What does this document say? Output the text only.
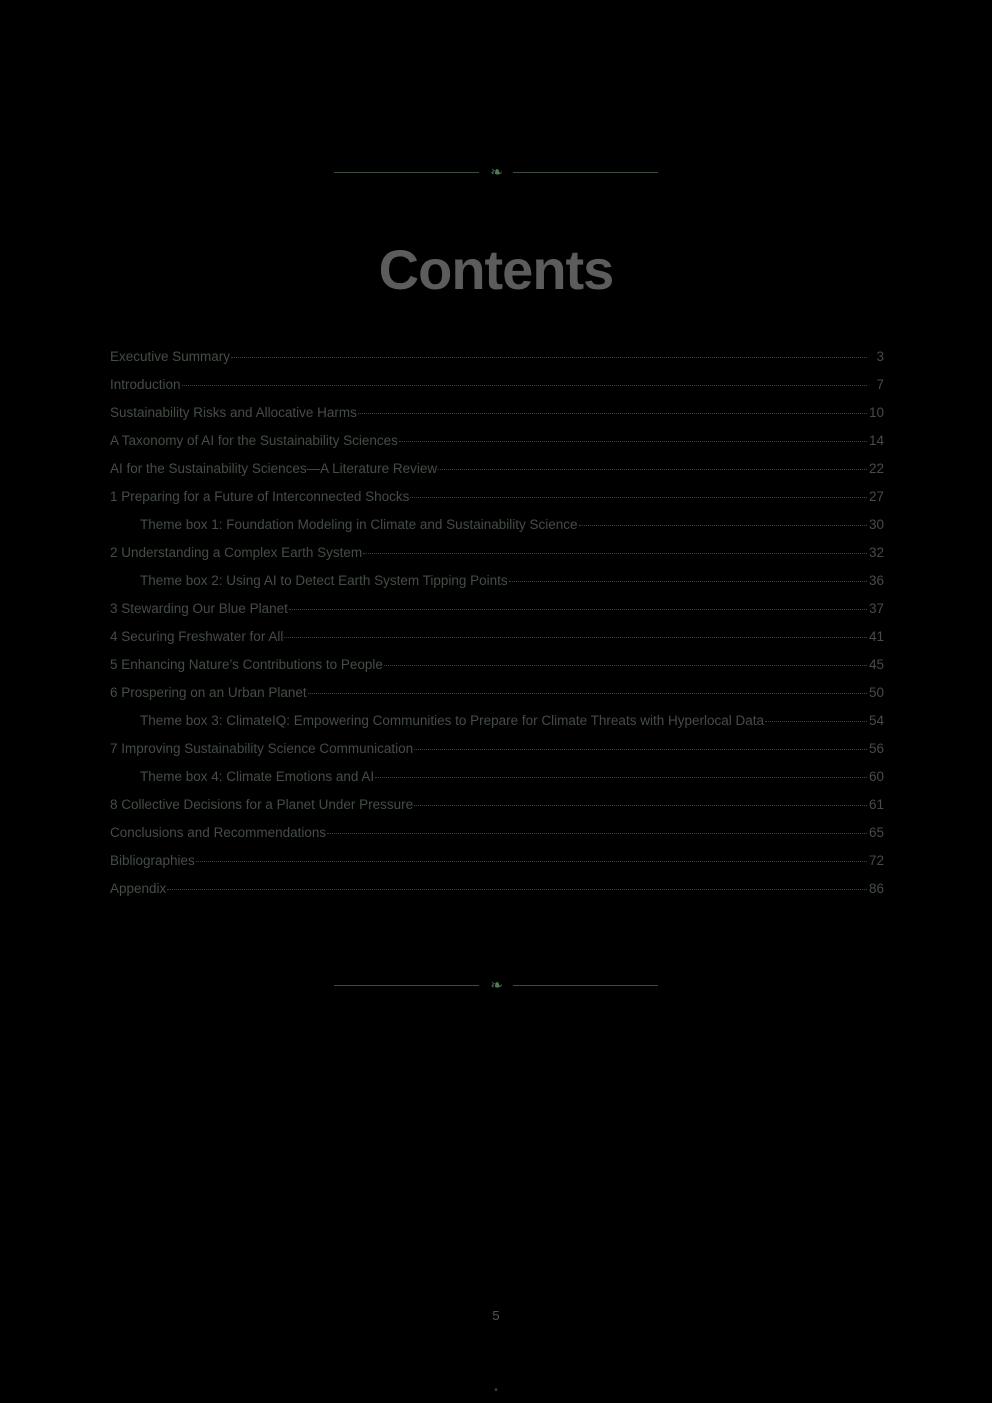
❧
Contents
Executive Summary	3
Introduction	7
Sustainability Risks and Allocative Harms	10
A Taxonomy of AI for the Sustainability Sciences	14
AI for the Sustainability Sciences—A Literature Review	22
1 Preparing for a Future of Interconnected Shocks	27
Theme box 1: Foundation Modeling in Climate and Sustainability Science	30
2 Understanding a Complex Earth System	32
Theme box 2: Using AI to Detect Earth System Tipping Points	36
3 Stewarding Our Blue Planet	37
4 Securing Freshwater for All	41
5 Enhancing Nature’s Contributions to People	45
6 Prospering on an Urban Planet	50
Theme box 3: ClimateIQ: Empowering Communities to Prepare for Climate Threats with Hyperlocal Data	54
7 Improving Sustainability Science Communication	56
Theme box 4: Climate Emotions and AI	60
8 Collective Decisions for a Planet Under Pressure	61
Conclusions and Recommendations	65
Bibliographies	72
Appendix	86
❧
5
•
